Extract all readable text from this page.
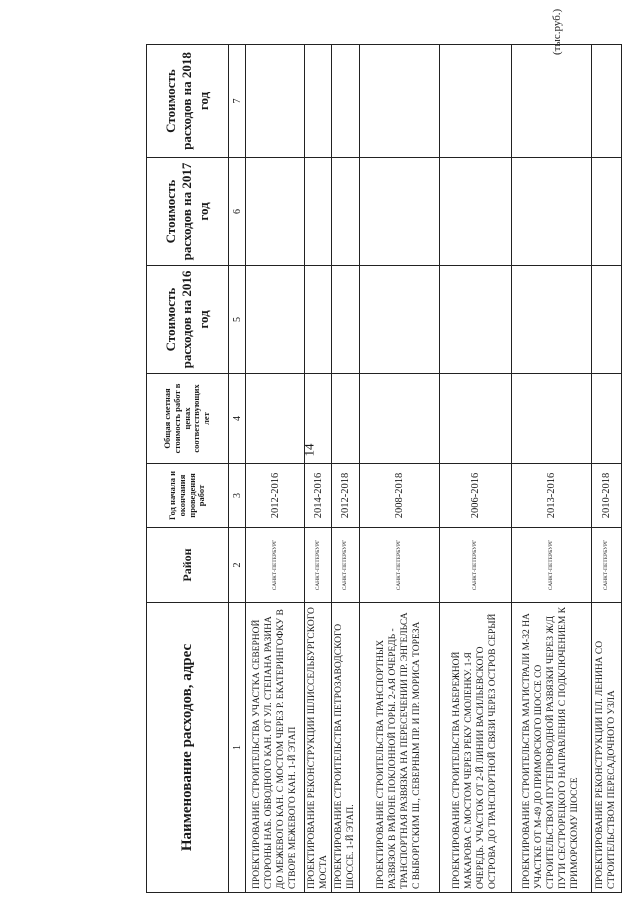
14
(тыс.руб.)
Наименование расходов, адрес	Район	Год начала и окончания проведения работ	Общая сметная стоимость работ в ценах соответствующих лет	Стоимость расходов на 2016 год	Стоимость расходов на 2017 год	Стоимость расходов на 2018 год
1	2	3	4	5	6	7
ПРОЕКТИРОВАНИЕ СТРОИТЕЛЬСТВА УЧАСТКА СЕВЕРНОЙ СТОРОНЫ НАБ. ОБВОДНОГО КАН. ОТ УЛ. СТЕПАНА РАЗИНА ДО МЕЖЕВОГО КАН. С МОСТОМ ЧЕРЕЗ Р. ЕКАТЕРИНГОФКУ В СТВОРЕ МЕЖЕВОГО КАН. 1-Й ЭТАП	САНКТ-ПЕТЕРБУРГ	2012-2016				
ПРОЕКТИРОВАНИЕ РЕКОНСТРУКЦИИ ШЛИССЕЛЬБУРГСКОГО МОСТА	САНКТ-ПЕТЕРБУРГ	2014-2016				
ПРОЕКТИРОВАНИЕ СТРОИТЕЛЬСТВА ПЕТРОЗАВОДСКОГО ШОССЕ. 1-Й ЭТАП.	САНКТ-ПЕТЕРБУРГ	2012-2018				
ПРОЕКТИРОВАНИЕ СТРОИТЕЛЬСТВА ТРАНСПОРТНЫХ РАЗВЯЗОК В РАЙОНЕ ПОКЛОННОЙ ГОРЫ. 2-АЯ ОЧЕРЕДЬ - ТРАНСПОРТНАЯ РАЗВЯЗКА НА ПЕРЕСЕЧЕНИИ ПР. ЭНГЕЛЬСА С ВЫБОРГСКИМ Ш., СЕВЕРНЫМ ПР. И ПР. МОРИСА ТОРЕЗА	САНКТ-ПЕТЕРБУРГ	2008-2018				
ПРОЕКТИРОВАНИЕ СТРОИТЕЛЬСТВА НАБЕРЕЖНОЙ МАКАРОВА С МОСТОМ ЧЕРЕЗ РЕКУ СМОЛЕНКУ. 1-Я ОЧЕРЕДЬ. УЧАСТОК ОТ 2-Й ЛИНИИ ВАСИЛЬЕВСКОГО ОСТРОВА ДО ТРАНСПОРТНОЙ СВЯЗИ ЧЕРЕЗ ОСТРОВ СЕРЫЙ	САНКТ-ПЕТЕРБУРГ	2006-2016				
ПРОЕКТИРОВАНИЕ СТРОИТЕЛЬСТВА МАГИСТРАЛИ М-32 НА УЧАСТКЕ ОТ М-49 ДО ПРИМОРСКОГО ШОССЕ СО СТРОИТЕЛЬСТВОМ ПУТЕПРОВОДНОЙ РАЗВЯЗКИ ЧЕРЕЗ Ж/Д ПУТИ СЕСТРОРЕЦКОГО НАПРАВЛЕНИЯ С ПОДКЛЮЧЕНИЕМ К ПРИМОРСКОМУ ШОССЕ	САНКТ-ПЕТЕРБУРГ	2013-2016				
ПРОЕКТИРОВАНИЕ РЕКОНСТРУКЦИИ ПЛ. ЛЕНИНА СО СТРОИТЕЛЬСТВОМ ПЕРЕСАДОЧНОГО УЗЛА	САНКТ-ПЕТЕРБУРГ	2010-2018				
